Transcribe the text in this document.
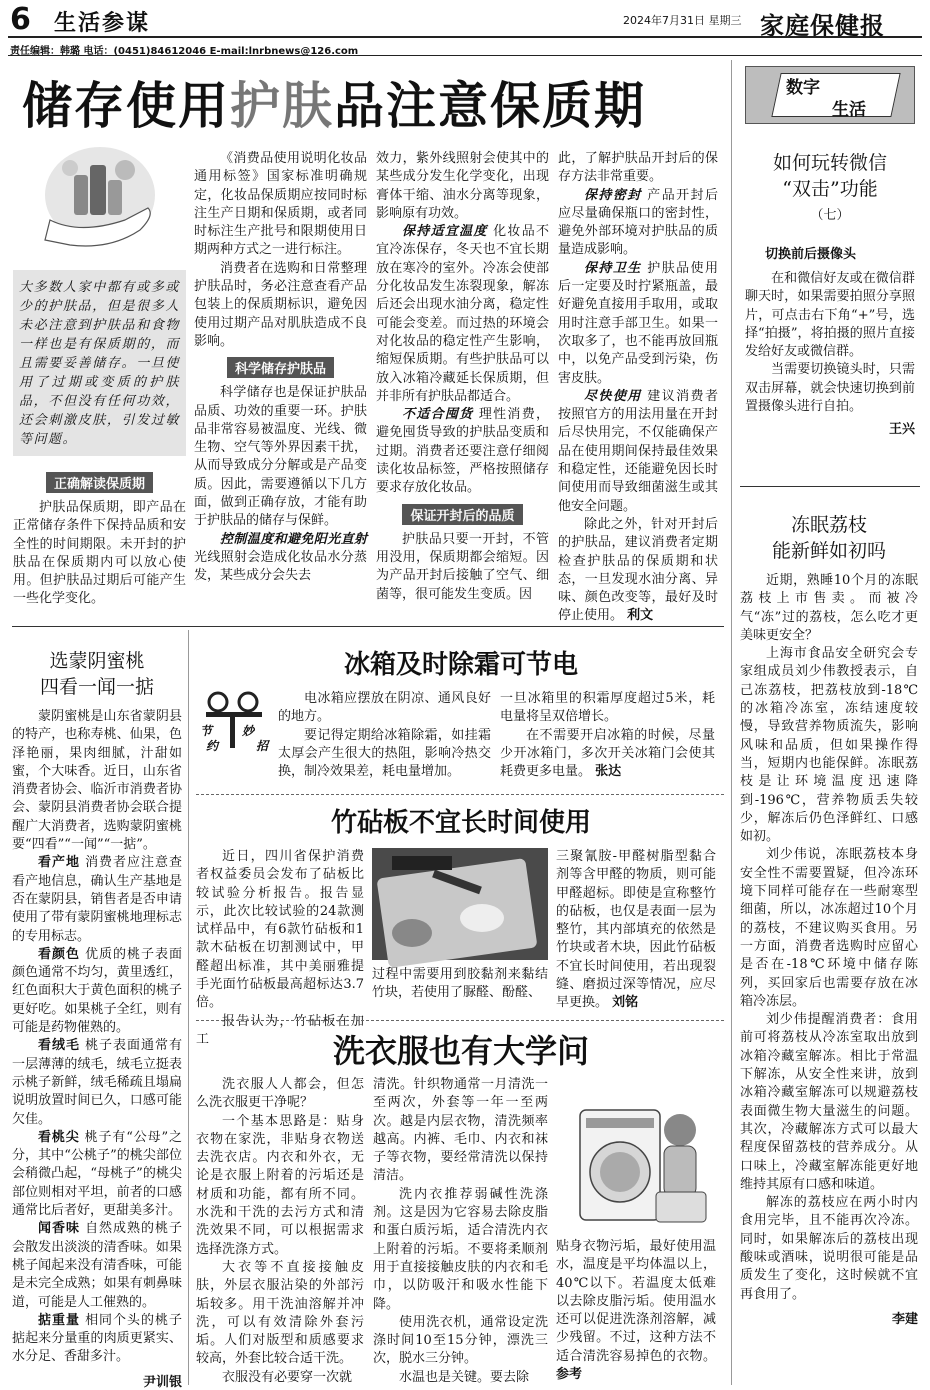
6 生活参谋
责任编辑：韩璐 电话：(0451)84612046 E-mail:lnrbnews@126.com
2024年7月31日 星期三 家庭保健报
储存使用护肤品注意保质期

大多数人家中都有或多或少的护肤品，但是很多人未必注意到护肤品和食物一样也是有保质期的，而且需要妥善储存。一旦使用了过期或变质的护肤品，不但没有任何功效，还会刺激皮肤，引发过敏等问题。

正确解读保质期

护肤品保质期，即产品在正常储存条件下保持品质和安全性的时间期限。未开封的护肤品在保质期内可以放心使用。但护肤品过期后可能产生一些化学变化。

《消费品使用说明化妆品通用标签》国家标准明确规定，化妆品保质期应按同时标注生产日期和保质期，或者同时标注生产批号和限期使用日期两种方式之一进行标注。

消费者在选购和日常整理护肤品时，务必注意查看产品包装上的保质期标识，避免因使用过期产品对肌肤造成不良影响。

科学储存护肤品

科学储存也是保证护肤品品质、功效的重要一环。护肤品非常容易被温度、光线、微生物、空气等外界因素干扰，从而导致成分分解或是产品变质。因此，需要遵循以下几方面，做到正确存放，才能有助于护肤品的储存与保鲜。

控制温度和避免阳光直射 光线照射会造成化妆品水分蒸发，某些成分会失去

效力，紫外线照射会使其中的某些成分发生化学变化，出现膏体干缩、油水分离等现象，影响原有功效。

保持适宜温度 化妆品不宜冷冻保存，冬天也不宜长期放在寒冷的室外。冷冻会使部分化妆品发生冻裂现象，解冻后还会出现水油分离，稳定性可能会变差。而过热的环境会对化妆品的稳定性产生影响，缩短保质期。有些护肤品可以放入冰箱冷藏延长保质期，但并非所有护肤品都适合。

不适合囤货 理性消费，避免囤货导致的护肤品变质和过期。消费者还要注意仔细阅读化妆品标签，严格按照储存要求存放化妆品。

保证开封后的品质

护肤品只要一开封，不管用没用，保质期都会缩短。因为产品开封后接触了空气、细菌等，很可能发生变质。因

此，了解护肤品开封后的保存方法非常重要。

保持密封 产品开封后应尽量确保瓶口的密封性，避免外部环境对护肤品的质量造成影响。

保持卫生 护肤品使用后一定要及时拧紧瓶盖，最好避免直接用手取用，或取用时注意手部卫生。如果一次取多了，也不能再放回瓶中，以免产品受到污染，伤害皮肤。

尽快使用 建议消费者按照官方的用法用量在开封后尽快用完，不仅能确保产品在使用期间保持最佳效果和稳定性，还能避免因长时间使用而导致细菌滋生或其他安全问题。

除此之外，针对开封后的护肤品，建议消费者定期检查护肤品的保质期和状态，一旦发现水油分离、异味、颜色改变等，最好及时停止使用。 利文

数字
生活
如何玩转微信
“双击”功能
（七）
切换前后摄像头

在和微信好友或在微信群聊天时，如果需要拍照分享照片，可点击右下角“+”号，选择“拍摄”，将拍摄的照片直接发给好友或微信群。

当需要切换镜头时，只需双击屏幕，就会快速切换到前置摄像头进行自拍。

王兴
冻眠荔枝
能新鲜如初吗

近期，熟睡10个月的冻眠荔枝上市售卖。而被冷气“冻”过的荔枝，怎么吃才更美味更安全？

上海市食品安全研究会专家组成员刘少伟教授表示，自己冻荔枝，把荔枝放到-18℃的冰箱冷冻室，冻结速度较慢，导致营养物质流失，影响风味和品质，但如果操作得当，短期内也能保鲜。冻眠荔枝是让环境温度迅速降到-196℃，营养物质丢失较少，解冻后仍色泽鲜红、口感如初。

刘少伟说，冻眠荔枝本身安全性不需要置疑，但冷冻环境下同样可能存在一些耐寒型细菌，所以，冰冻超过10个月的荔枝，不建议购买食用。另一方面，消费者选购时应留心是否在-18℃环境中储存陈列，买回家后也需要存放在冰箱冷冻层。

刘少伟提醒消费者：食用前可将荔枝从冷冻室取出放到冰箱冷藏室解冻。相比于常温下解冻，从安全性来讲，放到冰箱冷藏室解冻可以规避荔枝表面微生物大量滋生的问题。其次，冷藏解冻方式可以最大程度保留荔枝的营养成分。从口味上，冷藏室解冻能更好地维持其原有口感和味道。

解冻的荔枝应在两小时内食用完毕，且不能再次冷冻。同时，如果解冻后的荔枝出现酸味或酒味，说明很可能是品质发生了变化，这时候就不宜再食用了。

李建
选蒙阴蜜桃
四看一闻一掂

蒙阴蜜桃是山东省蒙阴县的特产，也称寿桃、仙果，色泽艳丽，果肉细腻，汁甜如蜜，个大味香。近日，山东省消费者协会、临沂市消费者协会、蒙阴县消费者协会联合提醒广大消费者，选购蒙阴蜜桃要“四看”“一闻”“一掂”。

看产地 消费者应注意查看产地信息，确认生产基地是否在蒙阴县，销售者是否申请使用了带有蒙阴蜜桃地理标志的专用标志。

看颜色 优质的桃子表面颜色通常不均匀，黄里透红，红色面积大于黄色面积的桃子更好吃。如果桃子全红，则有可能是药物催熟的。

看绒毛 桃子表面通常有一层薄薄的绒毛，绒毛立挺表示桃子新鲜，绒毛稀疏且塌扁说明放置时间已久，口感可能欠佳。

看桃尖 桃子有“公母”之分，其中“公桃子”的桃尖部位会稍微凸起，“母桃子”的桃尖部位则相对平坦，前者的口感通常比后者好，更甜美多汁。

闻香味 自然成熟的桃子会散发出淡淡的清香味。如果桃子闻起来没有清香味，可能是未完全成熟；如果有刺鼻味道，可能是人工催熟的。

掂重量 相同个头的桃子掂起来分量重的肉质更紧实、水分足、香甜多汁。

尹训银
冰箱及时除霜可节电
节
约
妙
招

电冰箱应摆放在阴凉、通风良好的地方。

要记得定期给冰箱除霜，如挂霜太厚会产生很大的热阻，影响冷热交换，制冷效果差，耗电量增加。

一旦冰箱里的积霜厚度超过5米，耗电量将呈双倍增长。

在不需要开启冰箱的时候，尽量少开冰箱门，多次开关冰箱门会使其耗费更多电量。 张达

竹砧板不宜长时间使用

近日，四川省保护消费者权益委员会发布了砧板比较试验分析报告。报告显示，此次比较试验的24款测试样品中，有6款竹砧板和1款木砧板在切割测试中，甲醛超出标准，其中美丽雅提手光面竹砧板最高超标达3.7倍。

报告认为，竹砧板在加工

过程中需要用到胶黏剂来黏结竹块，若使用了脲醛、酚醛、

三聚氰胺-甲醛树脂型黏合剂等含甲醛的物质，则可能甲醛超标。即使是宣称整竹的砧板，也仅是表面一层为整竹，其内部填充的依然是竹块或者木块，因此竹砧板不宜长时间使用，若出现裂缝、磨损过深等情况，应尽早更换。 刘铭

洗衣服也有大学问

洗衣服人人都会，但怎么洗衣服更干净呢？

一个基本思路是：贴身衣物在家洗，非贴身衣物送去洗衣店。内衣和外衣，无论是衣服上附着的污垢还是材质和功能，都有所不同。水洗和干洗的去污方式和清洗效果不同，可以根据需求选择洗涤方式。

大衣等不直接接触皮肤，外层衣服沾染的外部污垢较多。用干洗油溶解并冲洗，可以有效清除外套污垢。人们对版型和质感要求较高，外套比较合适干洗。

衣服没有必要穿一次就

清洗。针织物通常一月清洗一至两次，外套等一年一至两次。越是内层衣物，清洗频率越高。内裤、毛巾、内衣和袜子等衣物，要经常清洗以保持清洁。

洗内衣推荐弱碱性洗涤剂。这是因为它容易去除皮脂和蛋白质污垢，适合清洗内衣上附着的污垢。不要将柔顺剂用于直接接触皮肤的内衣和毛巾，以防吸汗和吸水性能下降。

使用洗衣机，通常设定洗涤时间10至15分钟，漂洗三次，脱水三分钟。

水温也是关键。要去除

贴身衣物污垢，最好使用温水，温度是平均体温以上，40℃以下。若温度太低难以去除皮脂污垢。使用温水还可以促进洗涤剂溶解，减少残留。不过，这种方法不适合清洗容易掉色的衣物。 参考
